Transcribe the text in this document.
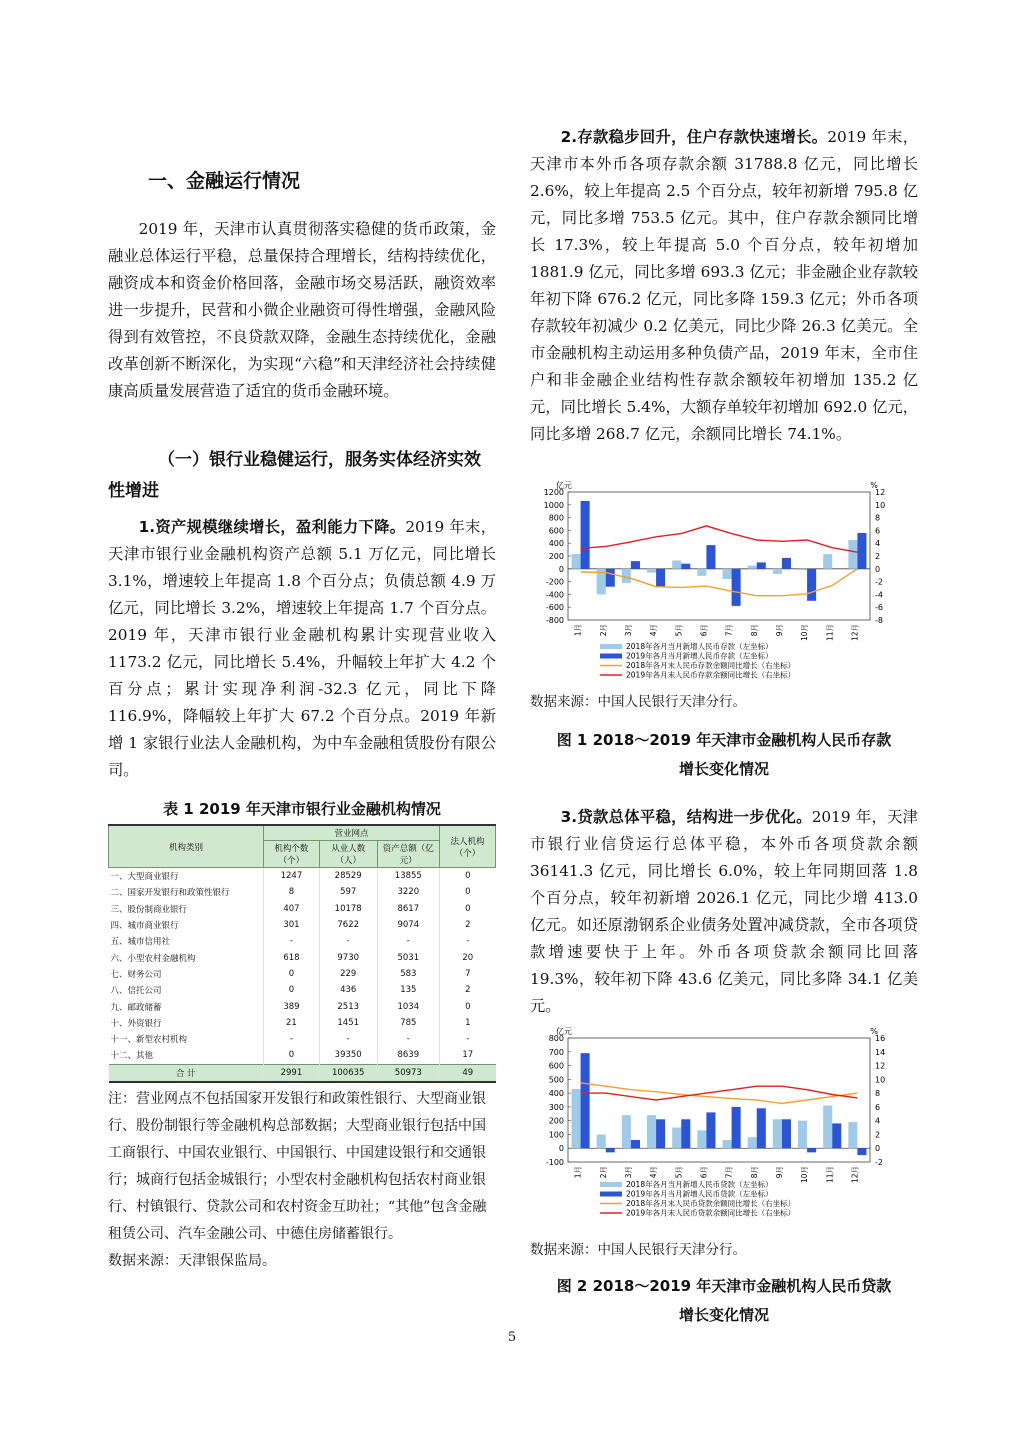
一、金融运行情况

2019 年，天津市认真贯彻落实稳健的货币政策，金融业总体运行平稳，总量保持合理增长，结构持续优化，融资成本和资金价格回落，金融市场交易活跃，融资效率进一步提升，民营和小微企业融资可得性增强，金融风险得到有效管控，不良贷款双降，金融生态持续优化，金融改革创新不断深化，为实现“六稳”和天津经济社会持续健康高质量发展营造了适宜的货币金融环境。

（一）银行业稳健运行，服务实体经济实效性增进

1.资产规模继续增长，盈利能力下降。2019 年末，天津市银行业金融机构资产总额 5.1 万亿元，同比增长 3.1%，增速较上年提高 1.8 个百分点；负债总额 4.9 万亿元，同比增长 3.2%，增速较上年提高 1.7 个百分点。2019 年，天津市银行业金融机构累计实现营业收入 1173.2 亿元，同比增长 5.4%，升幅较上年扩大 4.2 个百分点；累计实现净利润-32.3 亿元，同比下降 116.9%，降幅较上年扩大 67.2 个百分点。2019 年新增 1 家银行业法人金融机构，为中车金融租赁股份有限公司。

表 1 2019 年天津市银行业金融机构情况
机构类别	营业网点			法人机构（个）
	机构个数（个）	从业人数（人）	资产总额（亿元）	
一、大型商业银行	1247	28529	13855	0
二、国家开发银行和政策性银行	8	597	3220	0
三、股份制商业银行	407	10178	8617	0
四、城市商业银行	301	7622	9074	2
五、城市信用社	-	-	-	-
六、小型农村金融机构	618	9730	5031	20
七、财务公司	0	229	583	7
八、信托公司	0	436	135	2
九、邮政储蓄	389	2513	1034	0
十、外资银行	21	1451	785	1
十一、新型农村机构	-	-	-	-
十二、其他	0	39350	8639	17
合 计	2991	100635	50973	49

注：营业网点不包括国家开发银行和政策性银行、大型商业银行、股份制银行等金融机构总部数据；大型商业银行包括中国工商银行、中国农业银行、中国银行、中国建设银行和交通银行；城商行包括金城银行；小型农村金融机构包括农村商业银行、村镇银行、贷款公司和农村资金互助社；“其他”包含金融租赁公司、汽车金融公司、中德住房储蓄银行。

数据来源：天津银保监局。

2.存款稳步回升，住户存款快速增长。2019 年末，天津市本外币各项存款余额 31788.8 亿元，同比增长 2.6%，较上年提高 2.5 个百分点，较年初新增 795.8 亿元，同比多增 753.5 亿元。其中，住户存款余额同比增长 17.3%，较上年提高 5.0 个百分点，较年初增加 1881.9 亿元，同比多增 693.3 亿元；非金融企业存款较年初下降 676.2 亿元，同比多降 159.3 亿元；外币各项存款较年初减少 0.2 亿美元，同比少降 26.3 亿美元。全市金融机构主动运用多种负债产品，2019 年末，全市住户和非金融企业结构性存款余额较年初增加 135.2 亿元，同比增长 5.4%，大额存单较年初增加 692.0 亿元，同比多增 268.7 亿元，余额同比增长 74.1%。

亿元	%
-800
-600
-400
-200
0
200
400
600
800
1000
1200
-8
-6
-4
-2
0
2
4
6
8
10
12
1月 2月 3月 4月 5月 6月 7月 8月 9月 10月 11月 12月
2018年各月当月新增人民币存款（左坐标）
2019年各月当月新增人民币存款（左坐标）
2018年各月末人民币存款余额同比增长（右坐标）
2019年各月末人民币存款余额同比增长（右坐标）
数据来源：中国人民银行天津分行。
图 1 2018～2019 年天津市金融机构人民币存款
增长变化情况

3.贷款总体平稳，结构进一步优化。2019 年，天津市银行业信贷运行总体平稳，本外币各项贷款余额 36141.3 亿元，同比增长 6.0%，较上年同期回落 1.8 个百分点，较年初新增 2026.1 亿元，同比少增 413.0 亿元。如还原渤钢系企业债务处置冲减贷款，全市各项贷款增速要快于上年。外币各项贷款余额同比回落 19.3%，较年初下降 43.6 亿美元，同比多降 34.1 亿美元。

亿元	%
-100
0
100
200
300
400
500
600
700
800
-2
0
2
4
6
8
10
12
14
16
1月 2月 3月 4月 5月 6月 7月 8月 9月 10月 11月 12月
2018年各月当月新增人民币贷款（左坐标）
2019年各月当月新增人民币贷款（左坐标）
2018年各月末人民币贷款余额同比增长（右坐标）
2019年各月末人民币贷款余额同比增长（右坐标）
数据来源：中国人民银行天津分行。
图 2 2018～2019 年天津市金融机构人民币贷款
增长变化情况
5
